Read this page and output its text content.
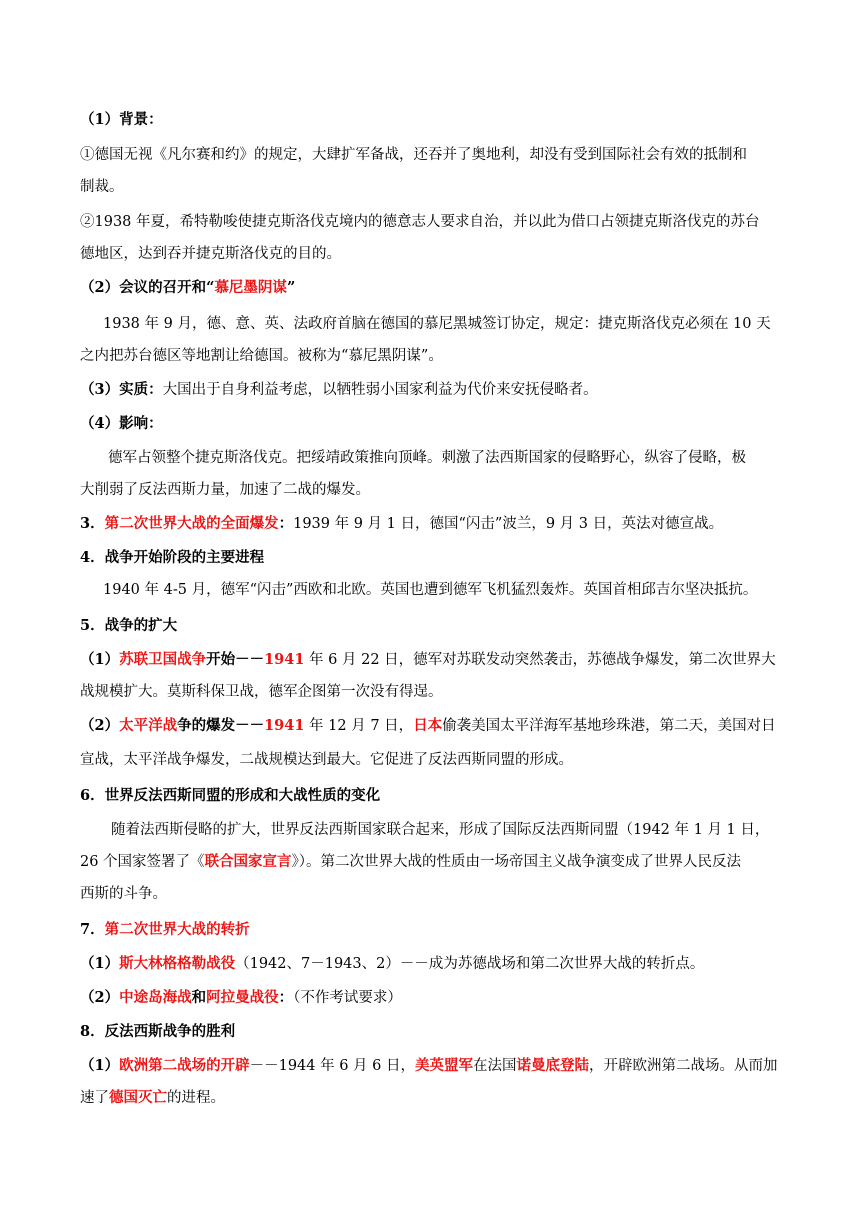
（1）背景：
①德国无视《凡尔赛和约》的规定，大肆扩军备战，还吞并了奥地利，却没有受到国际社会有效的抵制和
制裁。
②1938 年夏，希特勒唆使捷克斯洛伐克境内的德意志人要求自治，并以此为借口占领捷克斯洛伐克的苏台
德地区，达到吞并捷克斯洛伐克的目的。
（2）会议的召开和“慕尼墨阴谋”
1938 年 9 月，德、意、英、法政府首脑在德国的慕尼黑城签订协定，规定：捷克斯洛伐克必须在 10 天
之内把苏台德区等地割让给德国。被称为“慕尼黑阴谋”。
（3）实质：大国出于自身利益考虑，以牺牲弱小国家利益为代价来安抚侵略者。
（4）影响：
德军占领整个捷克斯洛伐克。把绥靖政策推向顶峰。刺激了法西斯国家的侵略野心，纵容了侵略，极
大削弱了反法西斯力量，加速了二战的爆发。
3．第二次世界大战的全面爆发：1939 年 9 月 1 日，德国“闪击”波兰，9 月 3 日，英法对德宣战。
4．战争开始阶段的主要进程
1940 年 4-5 月，德军“闪击”西欧和北欧。英国也遭到德军飞机猛烈轰炸。英国首相邱吉尔坚决抵抗。
5．战争的扩大
（1）苏联卫国战争开始－－1941 年 6 月 22 日，德军对苏联发动突然袭击，苏德战争爆发，第二次世界大
战规模扩大。莫斯科保卫战，德军企图第一次没有得逞。
（2）太平洋战争的爆发－－1941 年 12 月 7 日，日本偷袭美国太平洋海军基地珍珠港，第二天，美国对日
宣战，太平洋战争爆发，二战规模达到最大。它促进了反法西斯同盟的形成。
6．世界反法西斯同盟的形成和大战性质的变化
随着法西斯侵略的扩大，世界反法西斯国家联合起来，形成了国际反法西斯同盟（1942 年 1 月 1 日，
26 个国家签署了《联合国家宣言》）。第二次世界大战的性质由一场帝国主义战争演变成了世界人民反法
西斯的斗争。
7．第二次世界大战的转折
（1）斯大林格格勒战役（1942、7－1943、2）－－成为苏德战场和第二次世界大战的转折点。
（2）中途岛海战和阿拉曼战役：（不作考试要求）
8．反法西斯战争的胜利
（1）欧洲第二战场的开辟－－1944 年 6 月 6 日，美英盟军在法国诺曼底登陆，开辟欧洲第二战场。从而加
速了德国灭亡的进程。
